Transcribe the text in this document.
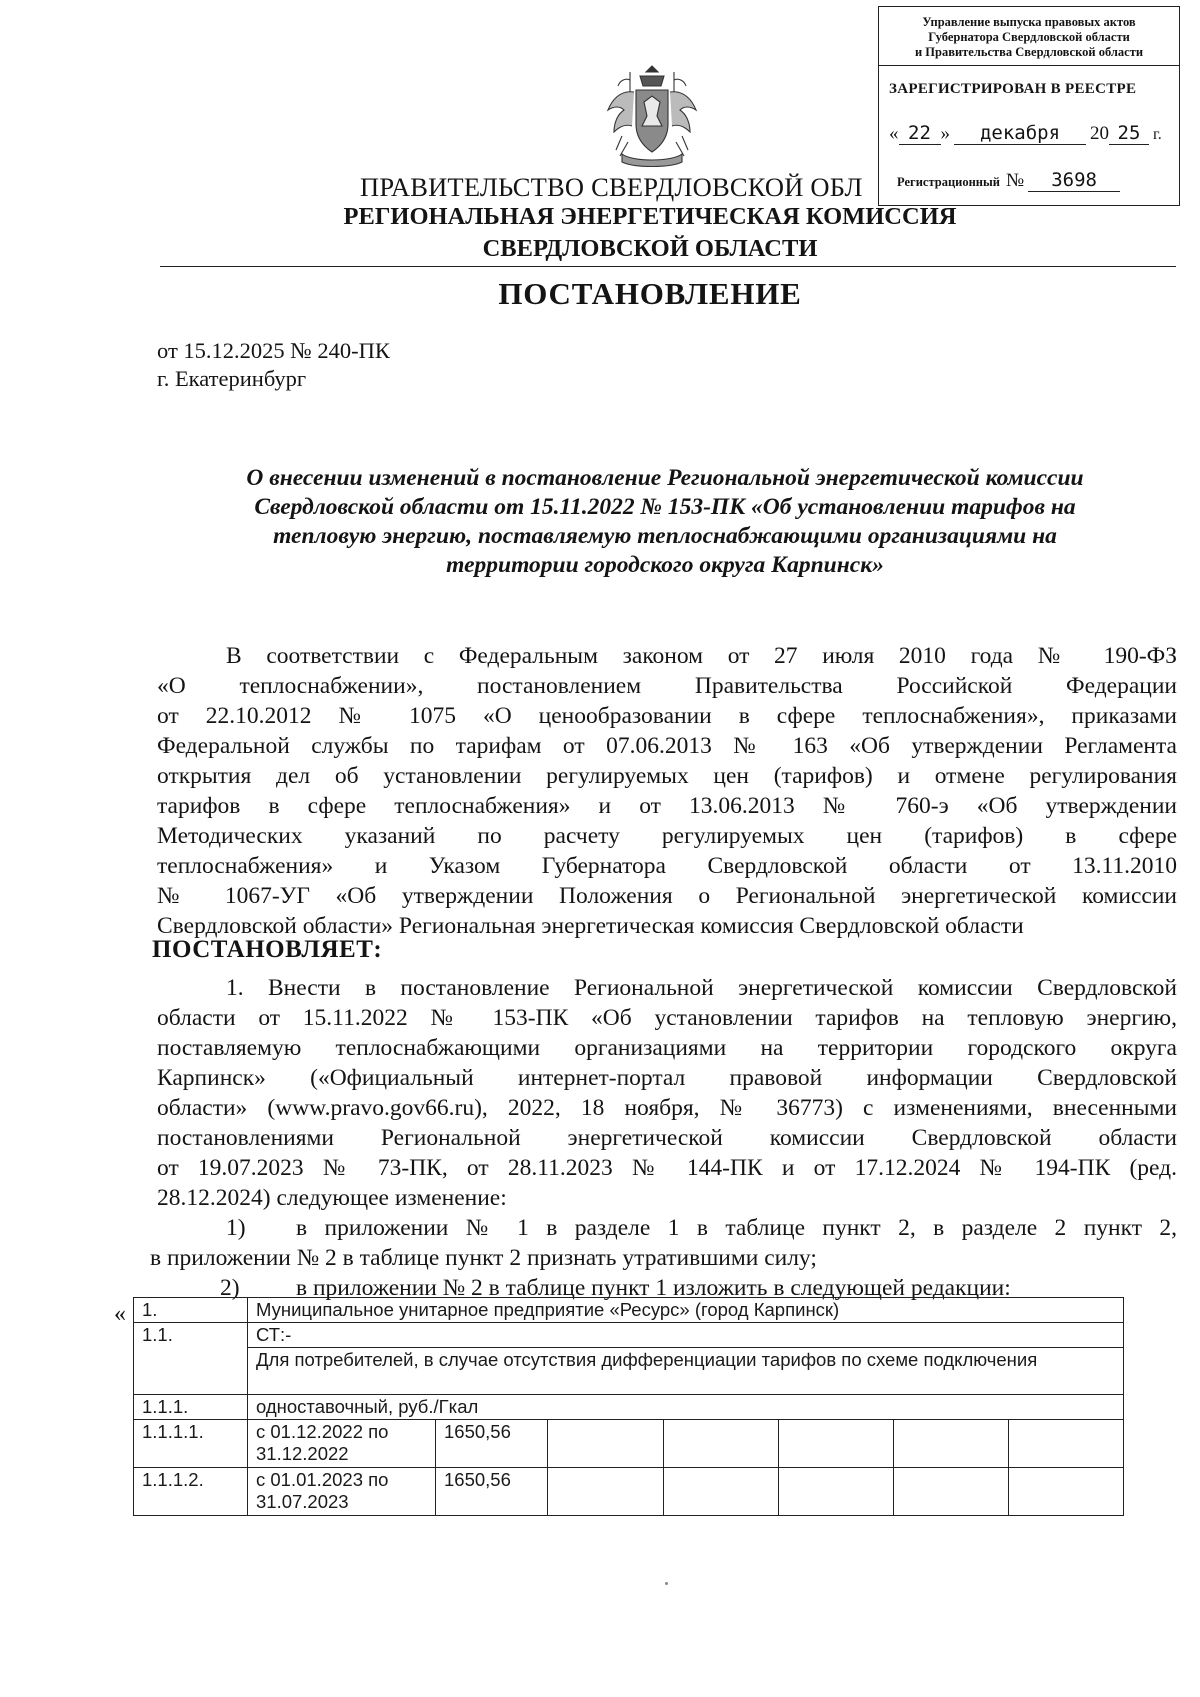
Управление выпуска правовых актов
Губернатора Свердловской области
и Правительства Свердловской области
ЗАРЕГИСТРИРОВАН В РЕЕСТРЕ
« 22 » декабря 20 25 г.
Регистрационный № 3698
ПРАВИТЕЛЬСТВО СВЕРДЛОВСКОЙ ОБЛ
РЕГИОНАЛЬНАЯ ЭНЕРГЕТИЧЕСКАЯ КОМИССИЯ
СВЕРДЛОВСКОЙ ОБЛАСТИ
ПОСТАНОВЛЕНИЕ
от 15.12.2025 № 240-ПК
г. Екатеринбург
О внесении изменений в постановление Региональной энергетической комиссии
Свердловской области от 15.11.2022 № 153-ПК «Об установлении тарифов на
тепловую энергию, поставляемую теплоснабжающими организациями на
территории городского округа Карпинск»
В соответствии с Федеральным законом от 27 июля 2010 года № 190-ФЗ
«О теплоснабжении», постановлением Правительства Российской Федерации
от 22.10.2012 № 1075 «О ценообразовании в сфере теплоснабжения», приказами
Федеральной службы по тарифам от 07.06.2013 № 163 «Об утверждении Регламента
открытия дел об установлении регулируемых цен (тарифов) и отмене регулирования
тарифов в сфере теплоснабжения» и от 13.06.2013 № 760-э «Об утверждении
Методических указаний по расчету регулируемых цен (тарифов) в сфере
теплоснабжения» и Указом Губернатора Свердловской области от 13.11.2010
№ 1067-УГ «Об утверждении Положения о Региональной энергетической комиссии
Свердловской области» Региональная энергетическая комиссия Свердловской области
ПОСТАНОВЛЯЕТ:
1. Внести в постановление Региональной энергетической комиссии Свердловской
области от 15.11.2022 № 153-ПК «Об установлении тарифов на тепловую энергию,
поставляемую теплоснабжающими организациями на территории городского округа
Карпинск» («Официальный интернет-портал правовой информации Свердловской
области» (www.pravo.gov66.ru), 2022, 18 ноября, № 36773) с изменениями, внесенными
постановлениями Региональной энергетической комиссии Свердловской области
от 19.07.2023 № 73-ПК, от 28.11.2023 № 144-ПК и от 17.12.2024 № 194-ПК (ред.
28.12.2024) следующее изменение:
1) в приложении № 1 в разделе 1 в таблице пункт 2, в разделе 2 пункт 2,
в приложении № 2 в таблице пункт 2 признать утратившими силу;
2) в приложении № 2 в таблице пункт 1 изложить в следующей редакции:
« 1.	Муниципальное унитарное предприятие «Ресурс» (город Карпинск)						
1.1.	СТ:-						
	Для потребителей, в случае отсутствия дифференциации тарифов по схеме подключения						
1.1.1.	одноставочный, руб./Гкал						
1.1.1.1.	с 01.12.2022 по 31.12.2022	1650,56					
1.1.1.2.	с 01.01.2023 по 31.07.2023	1650,56					
